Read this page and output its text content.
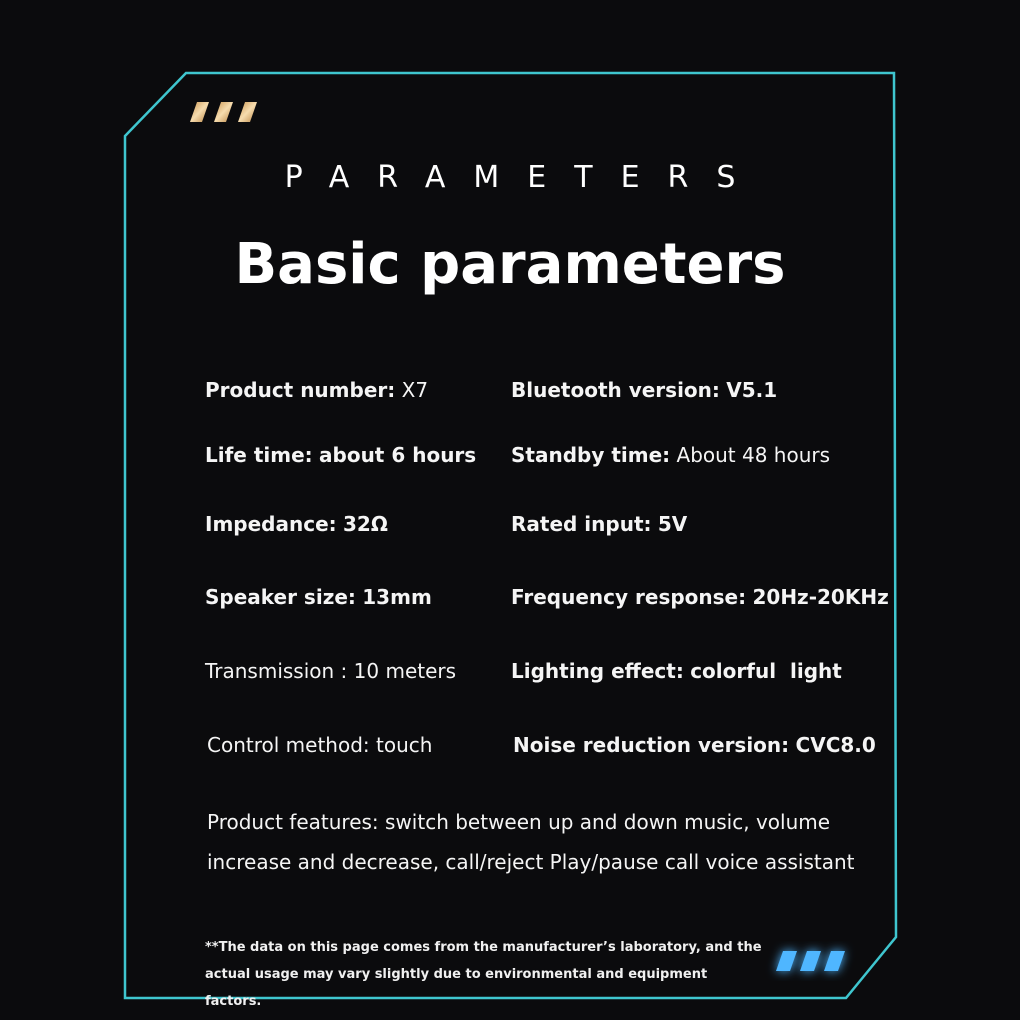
PARAMETERS
Basic parameters
Product number: X7
Life time: about 6 hours
Impedance: 32Ω
Speaker size: 13mm
Transmission : 10 meters
Control method: touch
Bluetooth version: V5.1
Standby time: About 48 hours
Rated input: 5V
Frequency response: 20Hz-20KHz
Lighting effect: colorful  light
Noise reduction version: CVC8.0
Product features: switch between up and down music, volume increase and decrease, call/reject Play/pause call voice assistant
**The data on this page comes from the manufacturer’s laboratory, and the actual usage may vary slightly due to environmental and equipment factors.
